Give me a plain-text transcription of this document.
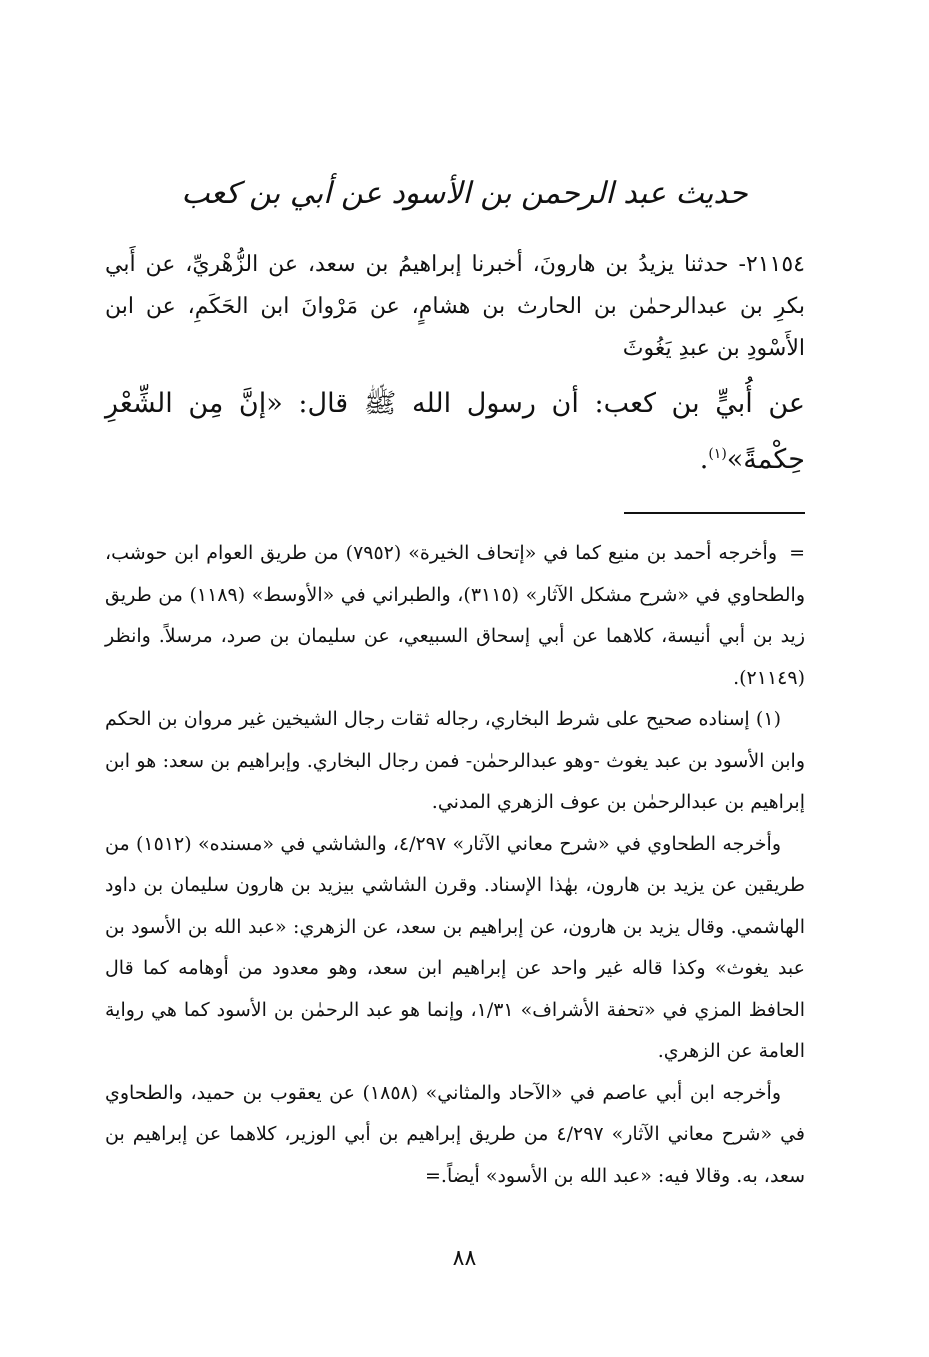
حديث عبد الرحمن بن الأسود عن أبي بن كعب

٢١١٥٤- حدثنا يزيدُ بن هارونَ، أخبرنا إبراهيمُ بن سعد، عن الزُّهْريِّ، عن أَبي بكرِ بن عبدالرحمٰن بن الحارث بن هشامٍ، عن مَرْوانَ ابن الحَكَمِ، عن ابن الأَسْودِ بن عبدِ يَغُوثَ

عن أُبيٍّ بن كعب: أن رسول الله ﷺ قال: «إنَّ مِن الشِّعْرِ حِكْمةً»$^{(١)}$.

=وأخرجه أحمد بن منيع كما في «إتحاف الخيرة» (٧٩٥٢) من طريق العوام ابن حوشب، والطحاوي في «شرح مشكل الآثار» (٣١١٥)، والطبراني في «الأوسط» (١١٨٩) من طريق زيد بن أبي أنيسة، كلاهما عن أبي إسحاق السبيعي، عن سليمان بن صرد، مرسلاً. وانظر (٢١١٤٩).

(١) إسناده صحيح على شرط البخاري، رجاله ثقات رجال الشيخين غير مروان بن الحكم وابن الأسود بن عبد يغوث -وهو عبدالرحمٰن- فمن رجال البخاري. وإبراهيم بن سعد: هو ابن إبراهيم بن عبدالرحمٰن بن عوف الزهري المدني.

وأخرجه الطحاوي في «شرح معاني الآثار» ٤/٢٩٧، والشاشي في «مسنده» (١٥١٢) من طريقين عن يزيد بن هارون، بهٰذا الإسناد. وقرن الشاشي بيزيد بن هارون سليمان بن داود الهاشمي. وقال يزيد بن هارون، عن إبراهيم بن سعد، عن الزهري: «عبد الله بن الأسود بن عبد يغوث» وكذا قاله غير واحد عن إبراهيم ابن سعد، وهو معدود من أوهامه كما قال الحافظ المزي في «تحفة الأشراف» ١/٣١، وإنما هو عبد الرحمٰن بن الأسود كما هي رواية العامة عن الزهري.

وأخرجه ابن أبي عاصم في «الآحاد والمثاني» (١٨٥٨) عن يعقوب بن حميد، والطحاوي في «شرح معاني الآثار» ٤/٢٩٧ من طريق إبراهيم بن أبي الوزير، كلاهما عن إبراهيم بن سعد، به. وقالا فيه: «عبد الله بن الأسود» أيضاً.=

٨٨
